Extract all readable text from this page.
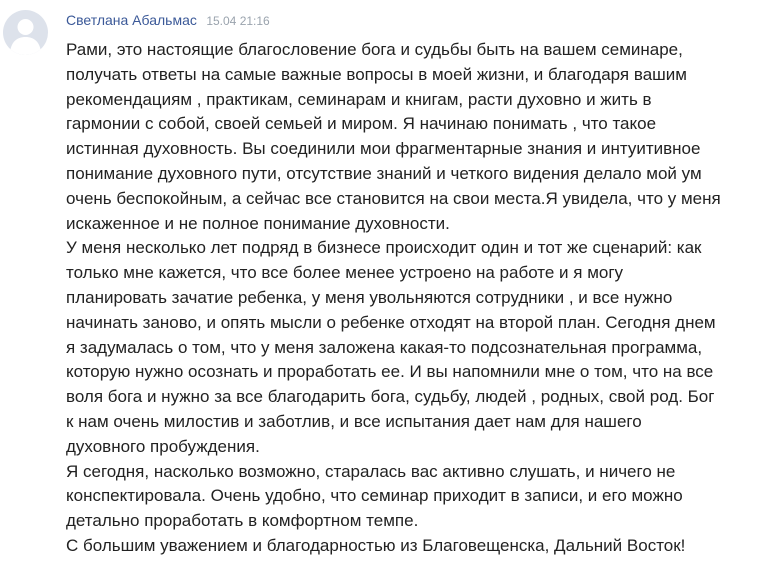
Светлана Абальмас 15.04 21:16
Рами, это настоящие благословение бога и судьбы быть на вашем семинаре,
получать ответы на самые важные вопросы в моей жизни, и благодаря вашим
рекомендациям , практикам, семинарам и книгам, расти духовно и жить в
гармонии с собой, своей семьей и миром. Я начинаю понимать , что такое
истинная духовность. Вы соединили мои фрагментарные знания и интуитивное
понимание духовного пути, отсутствие знаний и четкого видения делало мой ум
очень беспокойным, а сейчас все становится на свои места.Я увидела, что у меня
искаженное и не полное понимание духовности.
У меня несколько лет подряд в бизнесе происходит один и тот же сценарий: как
только мне кажется, что все более менее устроено на работе и я могу
планировать зачатие ребенка, у меня увольняются сотрудники , и все нужно
начинать заново, и опять мысли о ребенке отходят на второй план. Сегодня днем
я задумалась о том, что у меня заложена какая-то подсознательная программа,
которую нужно осознать и проработать ее. И вы напомнили мне о том, что на все
воля бога и нужно за все благодарить бога, судьбу, людей , родных, свой род. Бог
к нам очень милостив и заботлив, и все испытания дает нам для нашего
духовного пробуждения.
Я сегодня, насколько возможно, старалась вас активно слушать, и ничего не
конспектировала. Очень удобно, что семинар приходит в записи, и его можно
детально проработать в комфортном темпе.
С большим уважением и благодарностью из Благовещенска, Дальний Восток!
